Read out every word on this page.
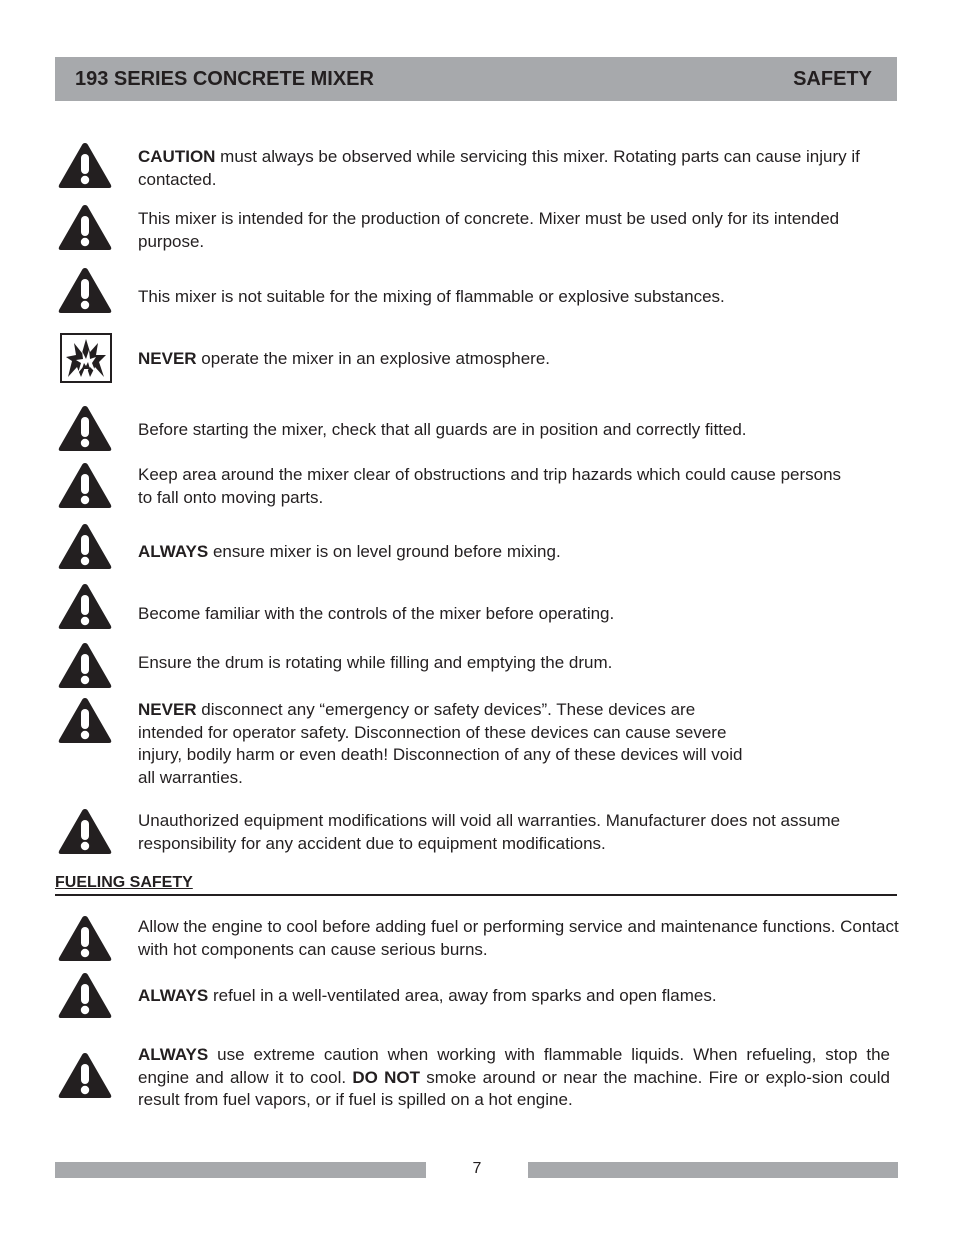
193 SERIES CONCRETE MIXER	SAFETY
CAUTION must always be observed while servicing this mixer. Rotating parts can cause injury if contacted.
This mixer is intended for the production of concrete. Mixer must be used only for its intended purpose.
This mixer is not suitable for the mixing of flammable or explosive substances.
NEVER operate the mixer in an explosive atmosphere.
Before starting the mixer, check that all guards are in position and correctly fitted.
Keep area around the mixer clear of obstructions and trip hazards which could cause persons to fall onto moving parts.
ALWAYS ensure mixer is on level ground before mixing.
Become familiar with the controls of the mixer before operating.
Ensure the drum is rotating while filling and emptying the drum.
NEVER disconnect any “emergency or safety devices”. These devices are intended for operator safety. Disconnection of these devices can cause severe injury, bodily harm or even death! Disconnection of any of these devices will void all warranties.
Unauthorized equipment modifications will void all warranties. Manufacturer does not assume responsibility for any accident due to equipment modifications.
FUELING SAFETY
Allow the engine to cool before adding fuel or performing service and maintenance functions. Contact with hot components can cause serious burns.
ALWAYS refuel in a well-ventilated area, away from sparks and open flames.
ALWAYS use extreme caution when working with flammable liquids. When refueling, stop the engine and allow it to cool. DO NOT smoke around or near the machine. Fire or explo-sion could result from fuel vapors, or if fuel is spilled on a hot engine.
7
